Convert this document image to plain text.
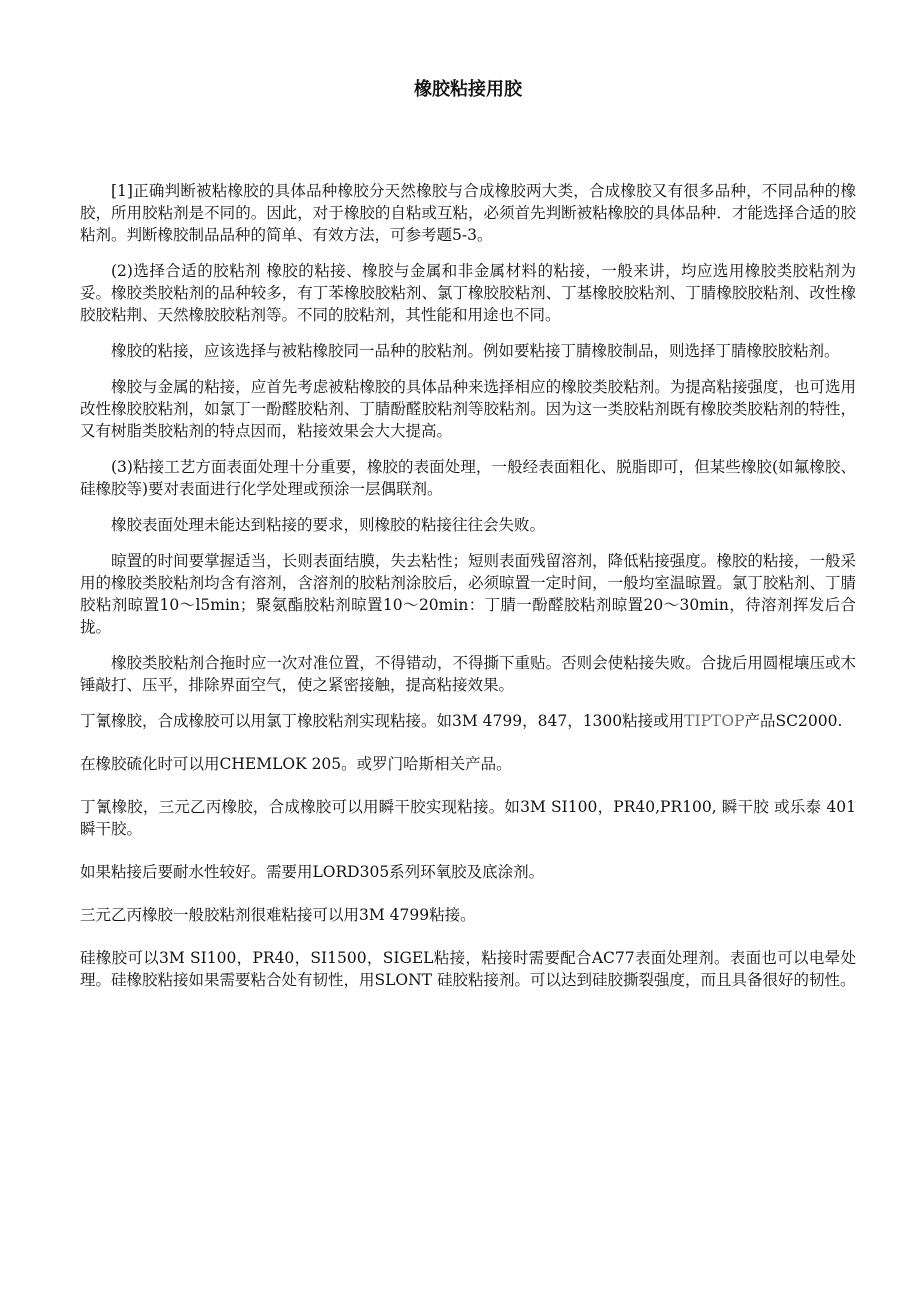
橡胶粘接用胶

[1]正确判断被粘橡胶的具体品种橡胶分天然橡胶与合成橡胶两大类，合成橡胶又有很多品种，不同品种的橡胶，所用胶粘剂是不同的。因此，对于橡胶的自粘或互粘，必须首先判断被粘橡胶的具体品种．才能选择合适的胶粘剂。判断橡胶制品品种的简单、有效方法，可参考题5-3。

(2)选择合适的胶粘剂 橡胶的粘接、橡胶与金属和非金属材料的粘接，一般来讲，均应选用橡胶类胶粘剂为妥。橡胶类胶粘剂的品种较多，有丁苯橡胶胶粘剂、氯丁橡胶胶粘剂、丁基橡胶胶粘剂、丁腈橡胶胶粘剂、改性橡胶胶粘荆、天然橡胶胶粘剂等。不同的胶粘剂，其性能和用途也不同。

橡胶的粘接，应该选择与被粘橡胶同一品种的胶粘剂。例如要粘接丁腈橡胶制品，则选择丁腈橡胶胶粘剂。

橡胶与金属的粘接，应首先考虑被粘橡胶的具体品种来选择相应的橡胶类胶粘剂。为提高粘接强度，也可选用改性橡胶胶粘剂，如氯丁一酚醛胶粘剂、丁腈酚醛胶粘剂等胶粘剂。因为这一类胶粘剂既有橡胶类胶粘剂的特性，又有树脂类胶粘剂的特点因而，粘接效果会大大提高。

(3)粘接工艺方面表面处理十分重要，橡胶的表面处理，一般经表面粗化、脱脂即可，但某些橡胶(如氟橡胶、硅橡胶等)要对表面进行化学处理或预涂一层偶联剂。

橡胶表面处理未能达到粘接的要求，则橡胶的粘接往往会失败。

晾置的时间要掌握适当，长则表面结膜，失去粘性；短则表面残留溶剂，降低粘接强度。橡胶的粘接，一般采用的橡胶类胶粘剂均含有溶剂，含溶剂的胶粘剂涂胶后，必须晾置一定时间，一般均室温晾置。氯丁胶粘剂、丁腈胶粘剂晾置10～l5min；聚氨酯胶粘剂晾置10～20min：丁腈一酚醛胶粘剂晾置20～30min，待溶剂挥发后合拢。

橡胶类胶粘剂合拖时应一次对准位置，不得错动，不得撕下重贴。否则会使粘接失败。合拢后用圆棍壤压或木锤敲打、压平，排除界面空气，使之紧密接触，提高粘接效果。

丁氰橡胶，合成橡胶可以用氯丁橡胶粘剂实现粘接。如3M 4799，847，1300粘接或用TIPTOP产品SC2000.

在橡胶硫化时可以用CHEMLOK 205。或罗门哈斯相关产品。

丁氰橡胶，三元乙丙橡胶，合成橡胶可以用瞬干胶实现粘接。如3M SI100，PR40,PR100, 瞬干胶 或乐泰 401瞬干胶。

如果粘接后要耐水性较好。需要用LORD305系列环氧胶及底涂剂。

三元乙丙橡胶一般胶粘剂很难粘接可以用3M 4799粘接。

硅橡胶可以3M SI100，PR40，SI1500，SIGEL粘接，粘接时需要配合AC77表面处理剂。表面也可以电晕处理。硅橡胶粘接如果需要粘合处有韧性，用SLONT 硅胶粘接剂。可以达到硅胶撕裂强度，而且具备很好的韧性。
